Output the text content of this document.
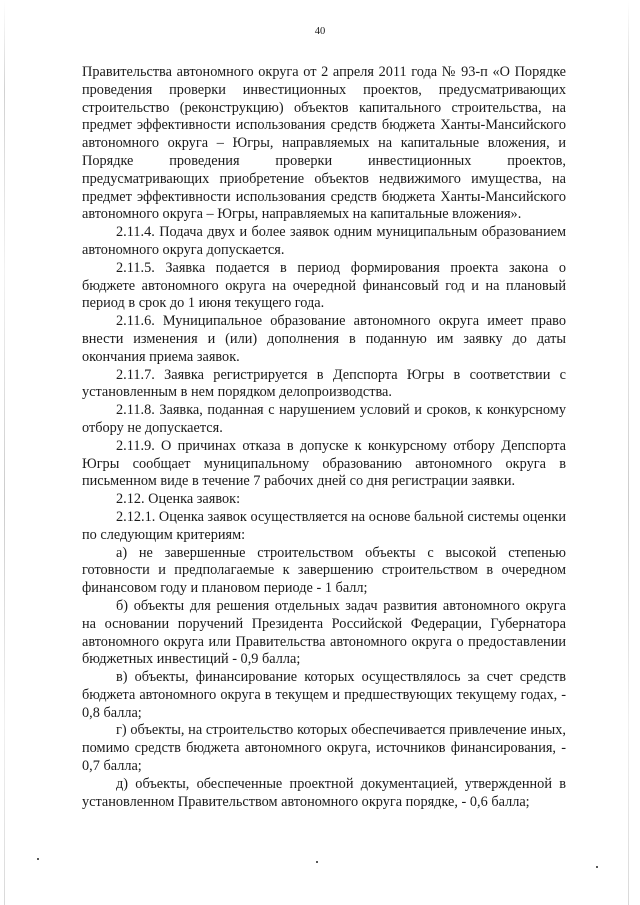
40

Правительства автономного округа от 2 апреля 2011 года № 93-п «О Порядке проведения проверки инвестиционных проектов, предусматривающих строительство (реконструкцию) объектов капитального строительства, на предмет эффективности использования средств бюджета Ханты-Мансийского автономного округа – Югры, направляемых на капитальные вложения, и Порядке проведения проверки инвестиционных проектов, предусматривающих приобретение объектов недвижимого имущества, на предмет эффективности использования средств бюджета Ханты-Мансийского автономного округа – Югры, направляемых на капитальные вложения».

2.11.4. Подача двух и более заявок одним муниципальным образованием автономного округа допускается.

2.11.5. Заявка подается в период формирования проекта закона о бюджете автономного округа на очередной финансовый год и на плановый период в срок до 1 июня текущего года.

2.11.6. Муниципальное образование автономного округа имеет право внести изменения и (или) дополнения в поданную им заявку до даты окончания приема заявок.

2.11.7. Заявка регистрируется в Депспорта Югры в соответствии с установленным в нем порядком делопроизводства.

2.11.8. Заявка, поданная с нарушением условий и сроков, к конкурсному отбору не допускается.

2.11.9. О причинах отказа в допуске к конкурсному отбору Депспорта Югры сообщает муниципальному образованию автономного округа в письменном виде в течение 7 рабочих дней со дня регистрации заявки.

2.12. Оценка заявок:

2.12.1. Оценка заявок осуществляется на основе бальной системы оценки по следующим критериям:

а) не завершенные строительством объекты с высокой степенью готовности и предполагаемые к завершению строительством в очередном финансовом году и плановом периоде - 1 балл;

б) объекты для решения отдельных задач развития автономного округа на основании поручений Президента Российской Федерации, Губернатора автономного округа или Правительства автономного округа о предоставлении бюджетных инвестиций - 0,9 балла;

в) объекты, финансирование которых осуществлялось за счет средств бюджета автономного округа в текущем и предшествующих текущему годах, - 0,8 балла;

г) объекты, на строительство которых обеспечивается привлечение иных, помимо средств бюджета автономного округа, источников финансирования, - 0,7 балла;

д) объекты, обеспеченные проектной документацией, утвержденной в установленном Правительством автономного округа порядке, - 0,6 балла;
